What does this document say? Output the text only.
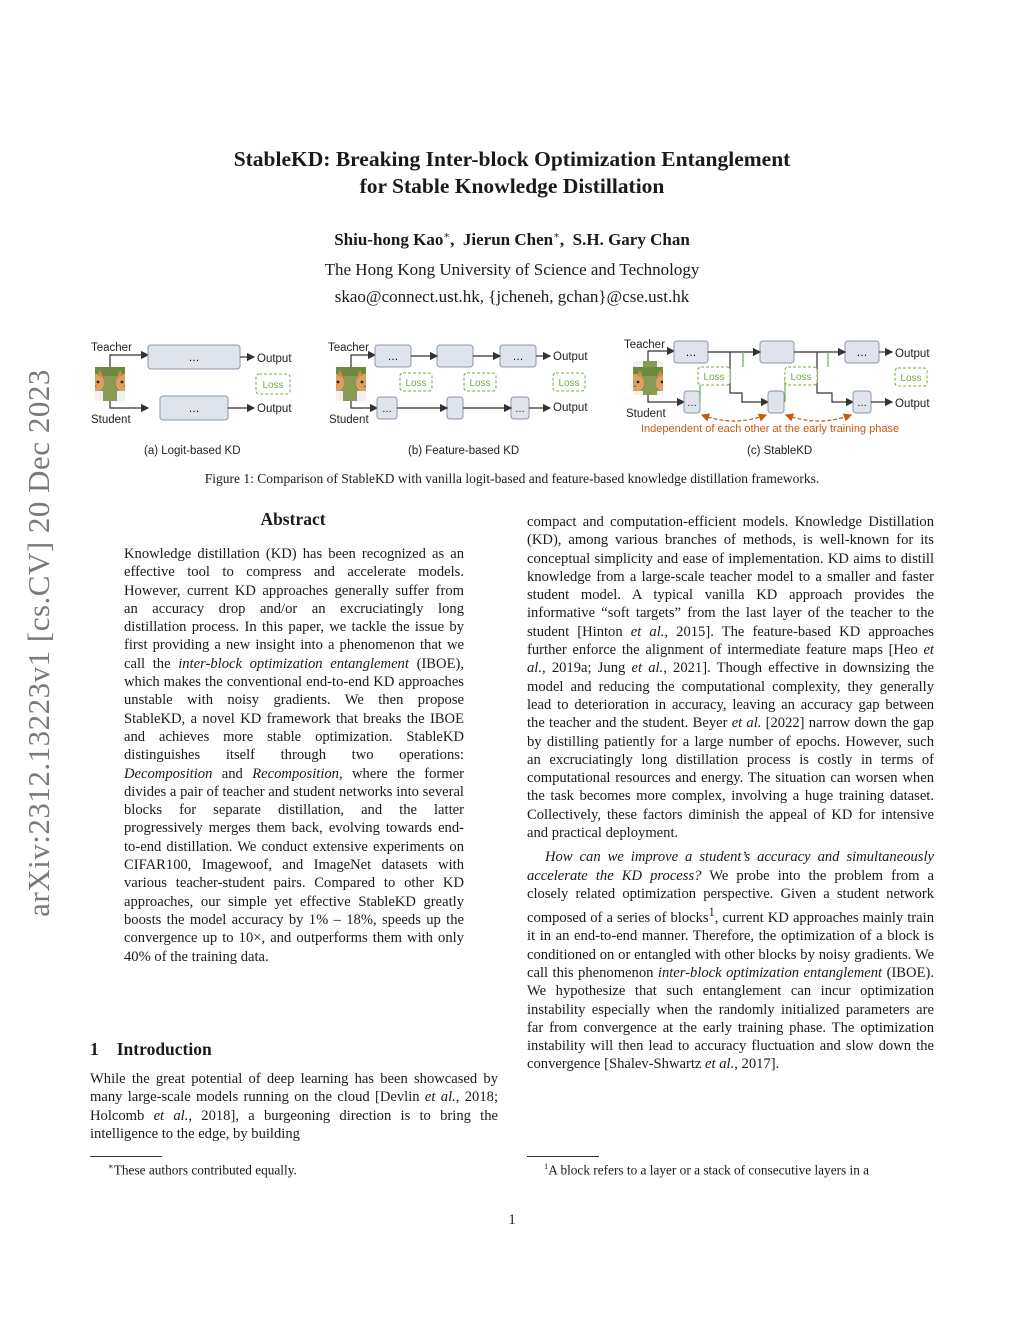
arXiv:2312.13223v1 [cs.CV] 20 Dec 2023
StableKD: Breaking Inter-block Optimization Entanglement
for Stable Knowledge Distillation
Shiu-hong Kao∗,  Jierun Chen∗,  S.H. Gary Chan
The Hong Kong University of Science and Technology
skao@connect.ust.hk, {jcheneh, gchan}@cse.ust.hk
Teacher
Student
…
…
Output
Output
Loss
(a) Logit-based KD
Teacher
Student
…	…
…	…
Output
Output
Loss	Loss	Loss
(b) Feature-based KD
Teacher
Student
…	…
…	…
Output
Output
Loss	Loss	Loss
Independent of each other at the early training phase
(c) StableKD
Figure 1: Comparison of StableKD with vanilla logit-based and feature-based knowledge distillation frameworks.
Abstract

Knowledge distillation (KD) has been recognized as an effective tool to compress and accelerate models. However, current KD approaches generally suffer from an accuracy drop and/or an excruciatingly long distillation process. In this paper, we tackle the issue by first providing a new insight into a phenomenon that we call the inter-block optimization entanglement (IBOE), which makes the conventional end-to-end KD approaches unstable with noisy gradients. We then propose StableKD, a novel KD framework that breaks the IBOE and achieves more stable optimization. StableKD distinguishes itself through two operations: Decomposition and Recomposition, where the former divides a pair of teacher and student networks into several blocks for separate distillation, and the latter progressively merges them back, evolving towards end-to-end distillation. We conduct extensive experiments on CIFAR100, Imagewoof, and ImageNet datasets with various teacher-student pairs. Compared to other KD approaches, our simple yet effective StableKD greatly boosts the model accuracy by 1% – 18%, speeds up the convergence up to 10×, and outperforms them with only 40% of the training data.

1 Introduction

While the great potential of deep learning has been showcased by many large-scale models running on the cloud [Devlin et al., 2018; Holcomb et al., 2018], a burgeoning direction is to bring the intelligence to the edge, by building

compact and computation-efficient models. Knowledge Distillation (KD), among various branches of methods, is well-known for its conceptual simplicity and ease of implementation. KD aims to distill knowledge from a large-scale teacher model to a smaller and faster student model. A typical vanilla KD approach provides the informative “soft targets” from the last layer of the teacher to the student [Hinton et al., 2015]. The feature-based KD approaches further enforce the alignment of intermediate feature maps [Heo et al., 2019a; Jung et al., 2021]. Though effective in downsizing the model and reducing the computational complexity, they generally lead to deterioration in accuracy, leaving an accuracy gap between the teacher and the student. Beyer et al. [2022] narrow down the gap by distilling patiently for a large number of epochs. However, such an excruciatingly long distillation process is costly in terms of computational resources and energy. The situation can worsen when the task becomes more complex, involving a huge training dataset. Collectively, these factors diminish the appeal of KD for intensive and practical deployment.

How can we improve a student’s accuracy and simultaneously accelerate the KD process? We probe into the problem from a closely related optimization perspective. Given a student network composed of a series of blocks$^1$, current KD approaches mainly train it in an end-to-end manner. Therefore, the optimization of a block is conditioned on or entangled with other blocks by noisy gradients. We call this phenomenon inter-block optimization entanglement (IBOE). We hypothesize that such entanglement can incur optimization instability especially when the randomly initialized parameters are far from convergence at the early training phase. The optimization instability will then lead to accuracy fluctuation and slow down the convergence [Shalev-Shwartz et al., 2017].

∗These authors contributed equally.	$^1$A block refers to a layer or a stack of consecutive layers in a
1
